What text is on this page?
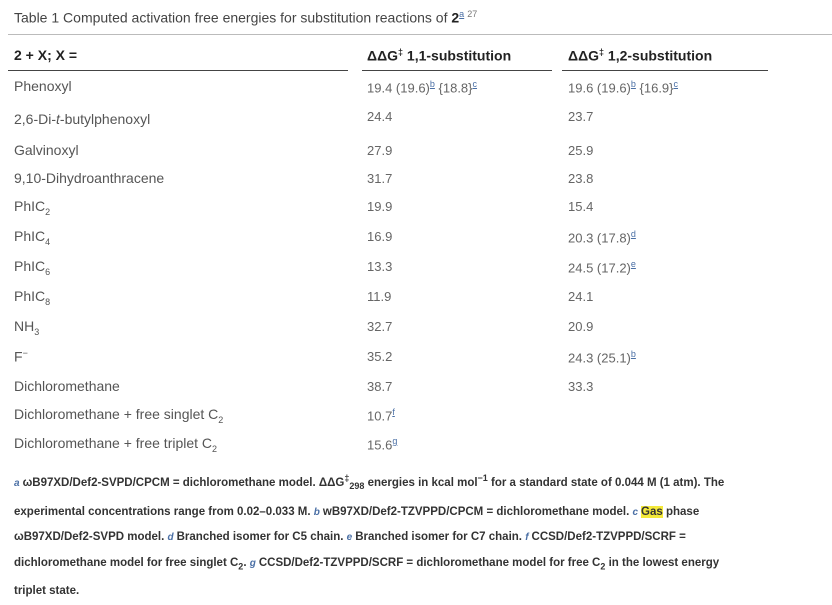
Table 1 Computed activation free energies for substitution reactions of 2$^a$ $^{27}$
2 + X; X =	ΔΔG‡ 1,1-substitution	ΔΔG‡ 1,2-substitution
Phenoxyl	19.4 (19.6)$^b$ {18.8}$^c$	19.6 (19.6)$^b$ {16.9}$^c$
2,6-Di-t-butylphenoxyl	24.4	23.7
Galvinoxyl	27.9	25.9
9,10-Dihydroanthracene	31.7	23.8
PhIC$_2$	19.9	15.4
PhIC$_4$	16.9	20.3 (17.8)$^d$
PhIC$_6$	13.3	24.5 (17.2)$^e$
PhIC$_8$	11.9	24.1
$NH_3$	32.7	20.9
F−	35.2	24.3 (25.1)$^b$
Dichloromethane	38.7	33.3
Dichloromethane + free singlet $C_2$	10.7$^f$
Dichloromethane + free triplet $C_2$	15.6$^g$
a ωB97XD/Def2-SVPD/CPCM = dichloromethane model. $\Delta\Delta G^\ddagger_{298}$ energies in kcal mol$^{-1}$ for a standard state of 0.044 M (1 atm). The experimental concentrations range from 0.02–0.033 M. b wB97XD/Def2-TZVPPD/CPCM = dichloromethane model. c Gas phase ωB97XD/Def2-SVPD model. d Branched isomer for C5 chain. e Branched isomer for C7 chain. f CCSD/Def2-TZVPPD/SCRF = dichloromethane model for free singlet $C_2$. g CCSD/Def2-TZVPPD/SCRF = dichloromethane model for free $C_2$ in the lowest energy triplet state.
